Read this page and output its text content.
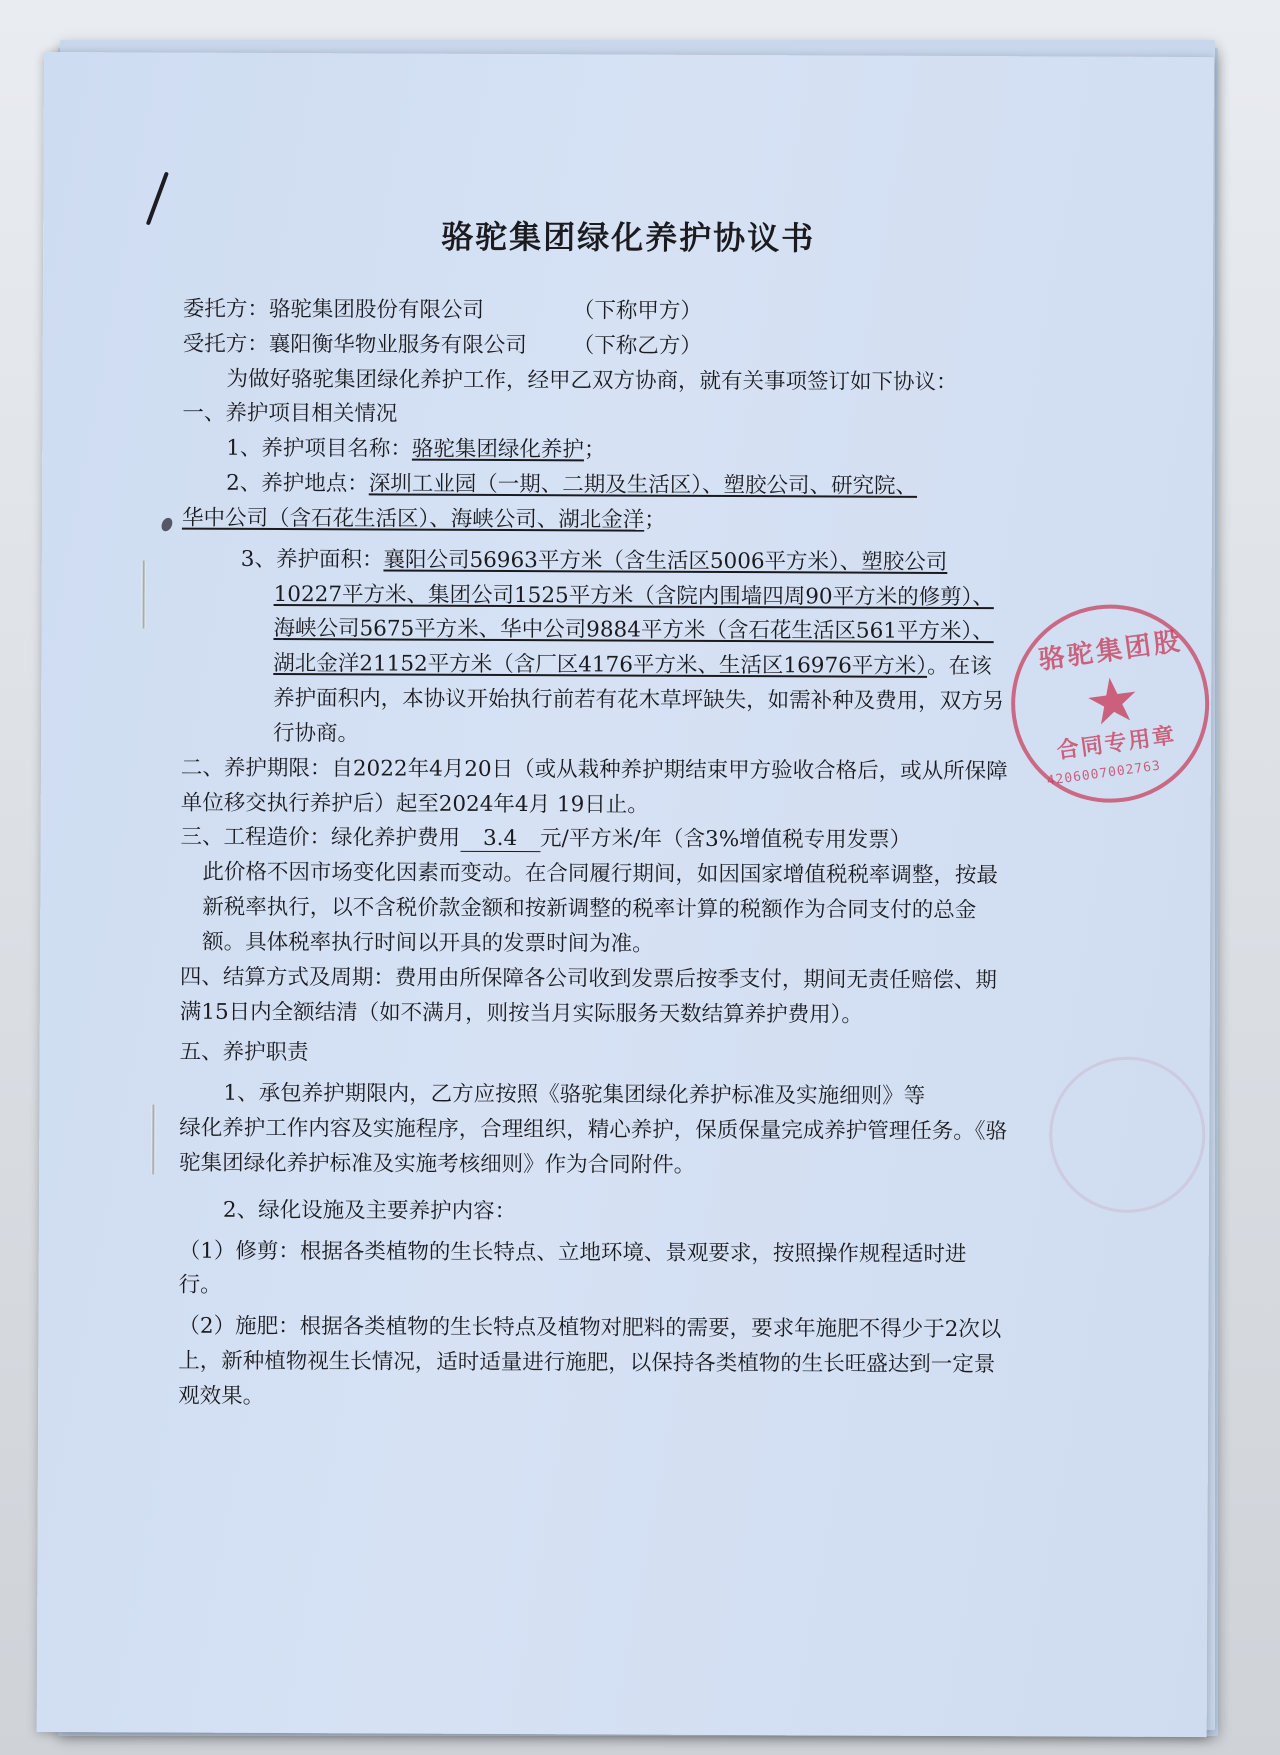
骆驼集团绿化养护协议书
委托方：骆驼集团股份有限公司	（下称甲方）
受托方：襄阳衡华物业服务有限公司	（下称乙方）

为做好骆驼集团绿化养护工作，经甲乙双方协商，就有关事项签订如下协议：

一、养护项目相关情况

1、养护项目名称：骆驼集团绿化养护；

2、养护地点：深圳工业园（一期、二期及生活区）、塑胶公司、研究院、

华中公司（含石花生活区）、海峡公司、湖北金洋；

3、养护面积：襄阳公司56963平方米（含生活区5006平方米）、塑胶公司10227平方米、集团公司1525平方米（含院内围墙四周90平方米的修剪）、海峡公司5675平方米、华中公司9884平方米（含石花生活区561平方米）、湖北金洋21152平方米（含厂区4176平方米、生活区16976平方米）。在该养护面积内，本协议开始执行前若有花木草坪缺失，如需补种及费用，双方另行协商。

二、养护期限：自2022年4月20日（或从栽种养护期结束甲方验收合格后，或从所保障单位移交执行养护后）起至2024年4月 19日止。

三、工程造价：绿化养护费用 3.4 元/平方米/年（含3%增值税专用发票）

此价格不因市场变化因素而变动。在合同履行期间，如因国家增值税税率调整，按最新税率执行，以不含税价款金额和按新调整的税率计算的税额作为合同支付的总金额。具体税率执行时间以开具的发票时间为准。

四、结算方式及周期：费用由所保障各公司收到发票后按季支付，期间无责任赔偿、期满15日内全额结清（如不满月，则按当月实际服务天数结算养护费用）。

五、养护职责

1、承包养护期限内，乙方应按照《骆驼集团绿化养护标准及实施细则》等

绿化养护工作内容及实施程序，合理组织，精心养护，保质保量完成养护管理任务。《骆驼集团绿化养护标准及实施考核细则》作为合同附件。

2、绿化设施及主要养护内容：

（1）修剪：根据各类植物的生长特点、立地环境、景观要求，按照操作规程适时进行。

（2）施肥：根据各类植物的生长特点及植物对肥料的需要，要求年施肥不得少于2次以上，新种植物视生长情况，适时适量进行施肥，以保持各类植物的生长旺盛达到一定景观效果。

骆驼集团股
★
合同专用章
4206007002763
